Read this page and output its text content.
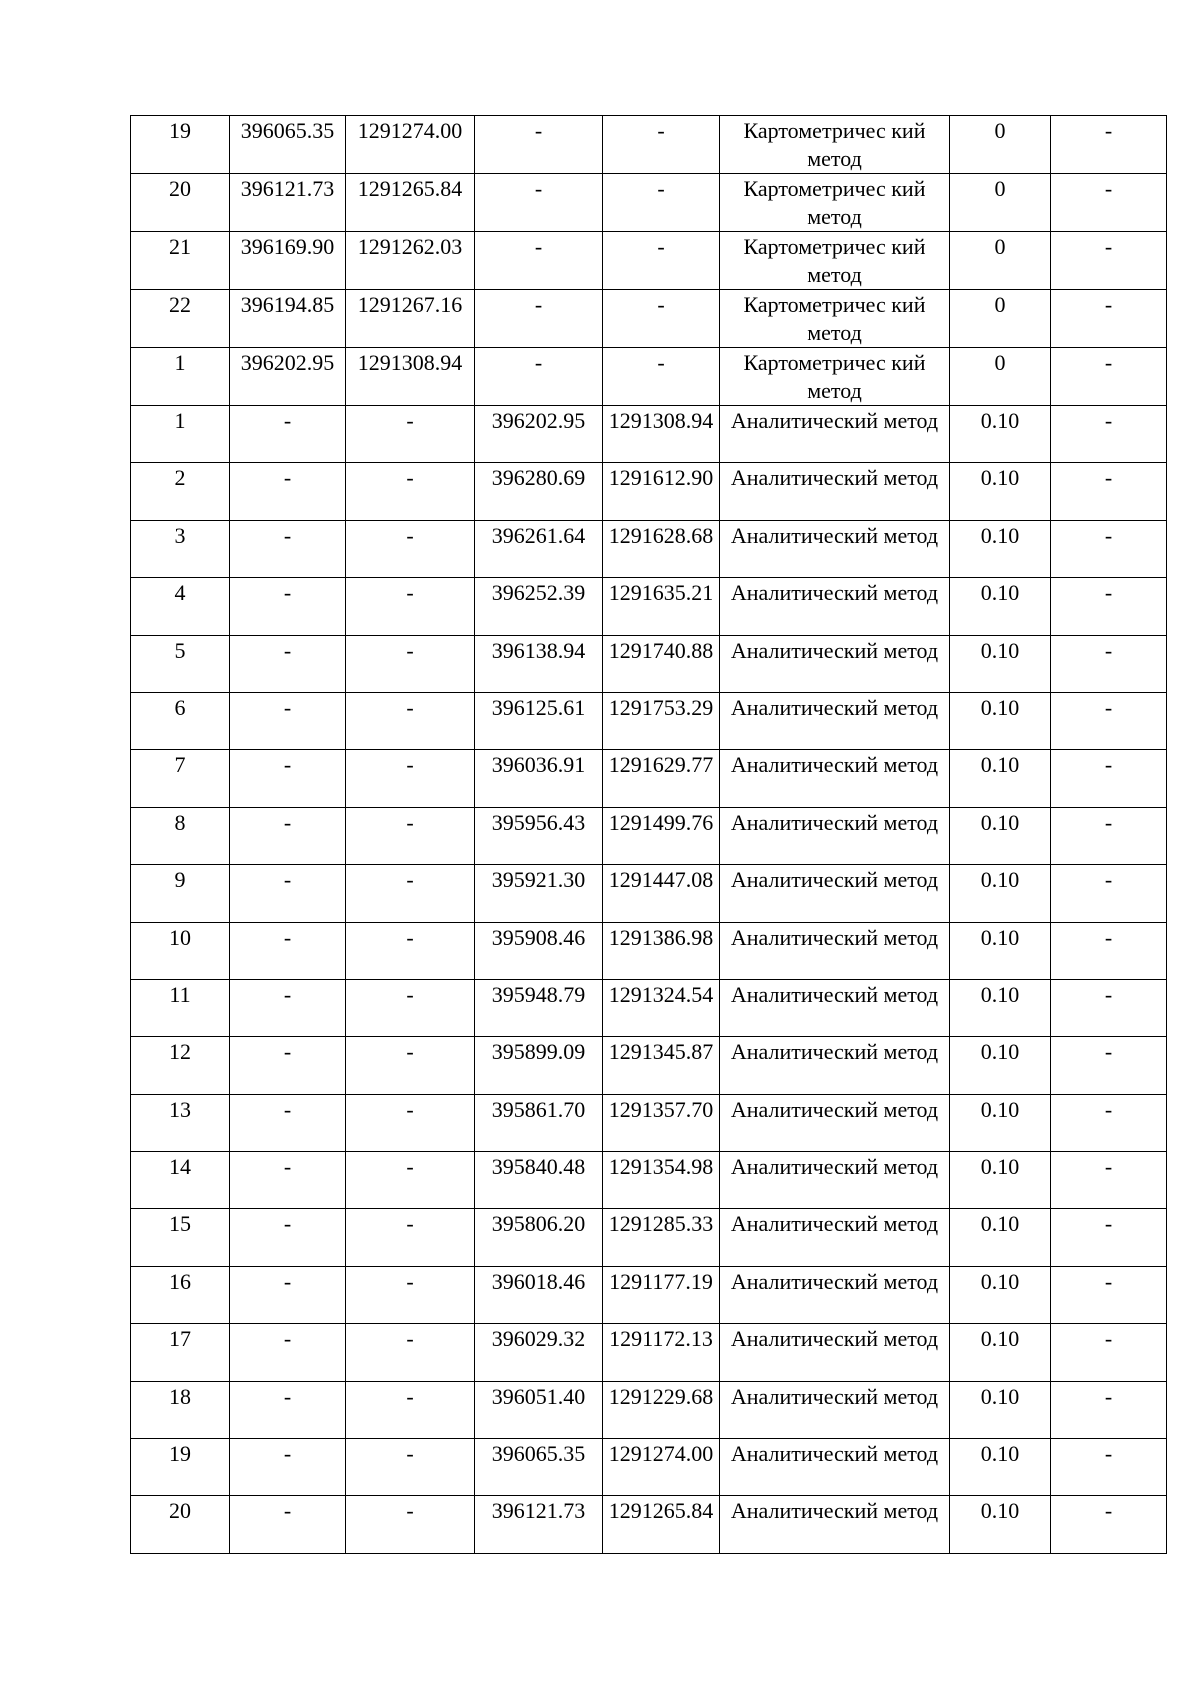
19	396065.35	1291274.00	-	-	Картометричес кий метод	0	-
20	396121.73	1291265.84	-	-	Картометричес кий метод	0	-
21	396169.90	1291262.03	-	-	Картометричес кий метод	0	-
22	396194.85	1291267.16	-	-	Картометричес кий метод	0	-
1	396202.95	1291308.94	-	-	Картометричес кий метод	0	-
1	-	-	396202.95	1291308.94	Аналитический метод	0.10	-
2	-	-	396280.69	1291612.90	Аналитический метод	0.10	-
3	-	-	396261.64	1291628.68	Аналитический метод	0.10	-
4	-	-	396252.39	1291635.21	Аналитический метод	0.10	-
5	-	-	396138.94	1291740.88	Аналитический метод	0.10	-
6	-	-	396125.61	1291753.29	Аналитический метод	0.10	-
7	-	-	396036.91	1291629.77	Аналитический метод	0.10	-
8	-	-	395956.43	1291499.76	Аналитический метод	0.10	-
9	-	-	395921.30	1291447.08	Аналитический метод	0.10	-
10	-	-	395908.46	1291386.98	Аналитический метод	0.10	-
11	-	-	395948.79	1291324.54	Аналитический метод	0.10	-
12	-	-	395899.09	1291345.87	Аналитический метод	0.10	-
13	-	-	395861.70	1291357.70	Аналитический метод	0.10	-
14	-	-	395840.48	1291354.98	Аналитический метод	0.10	-
15	-	-	395806.20	1291285.33	Аналитический метод	0.10	-
16	-	-	396018.46	1291177.19	Аналитический метод	0.10	-
17	-	-	396029.32	1291172.13	Аналитический метод	0.10	-
18	-	-	396051.40	1291229.68	Аналитический метод	0.10	-
19	-	-	396065.35	1291274.00	Аналитический метод	0.10	-
20	-	-	396121.73	1291265.84	Аналитический метод	0.10	-
